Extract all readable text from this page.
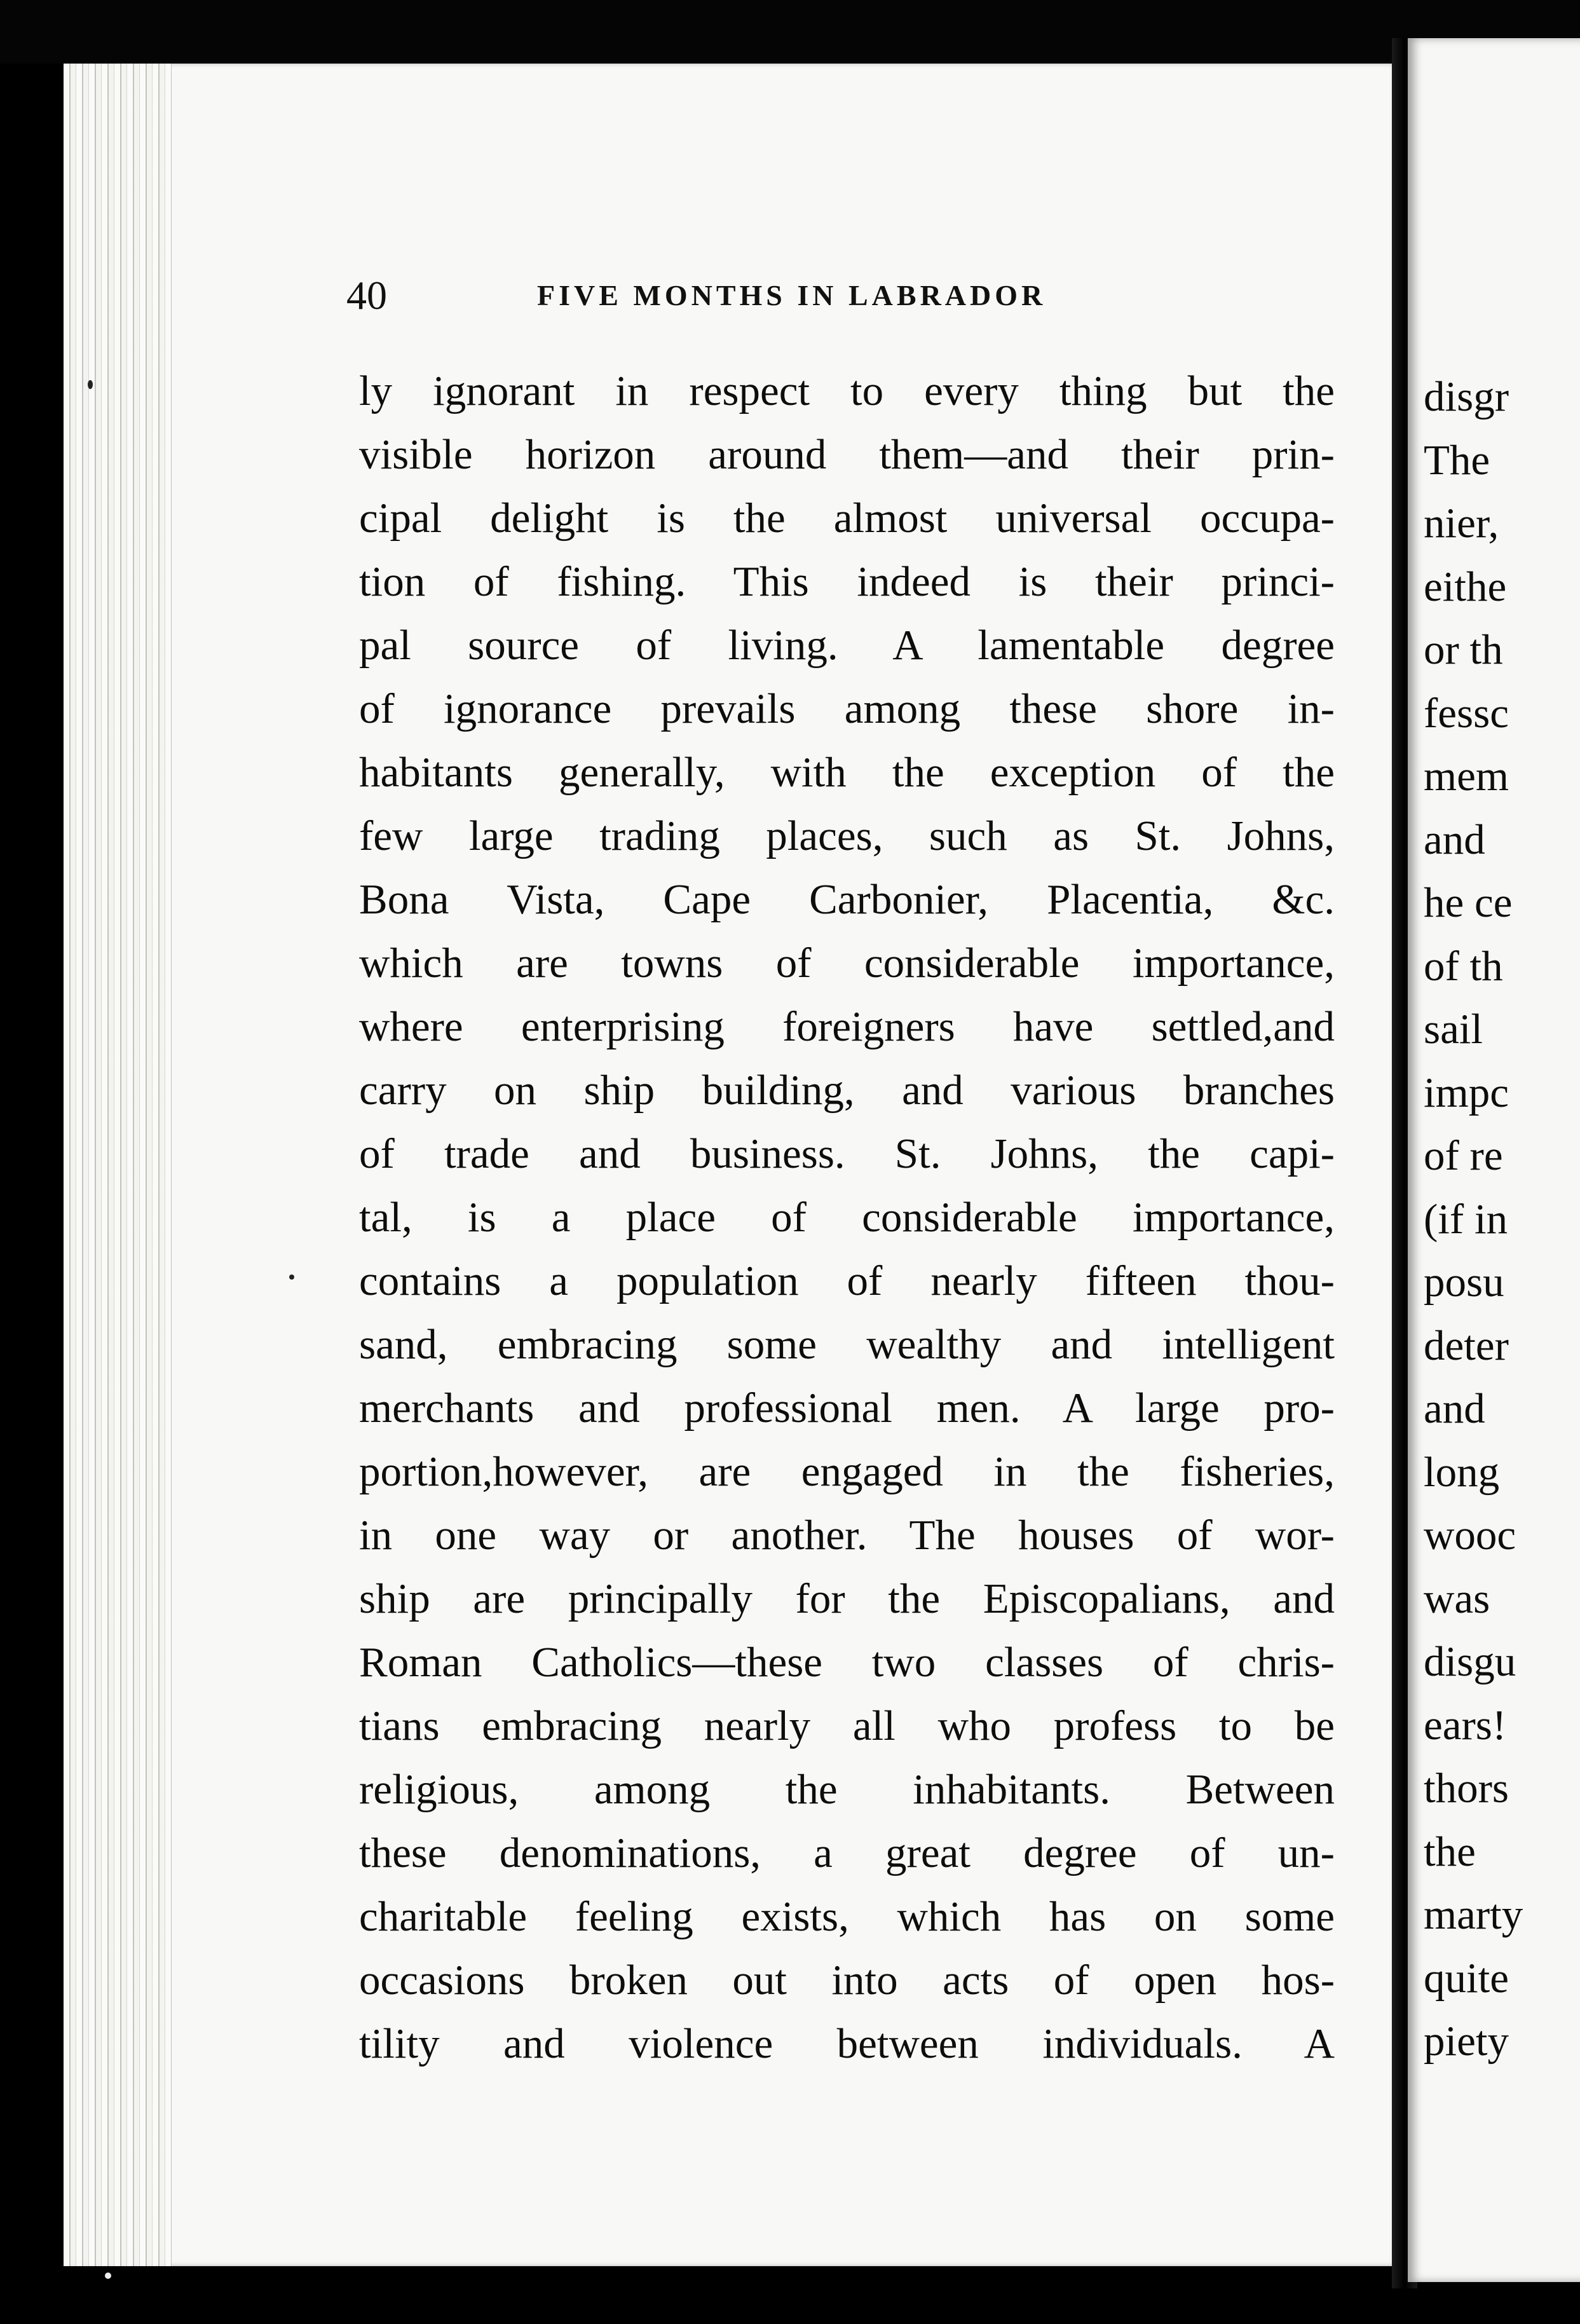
40	FIVE MONTHS IN LABRADOR
ly ignorant in respect to every thing but the
visible horizon around them—and their prin-
cipal delight is the almost universal occupa-
tion of fishing. This indeed is their princi-
pal source of living. A lamentable degree
of ignorance prevails among these shore in-
habitants generally, with the exception of the
few large trading places, such as St. Johns,
Bona Vista, Cape Carbonier, Placentia, &c.
which are towns of considerable importance,
where enterprising foreigners have settled,and
carry on ship building, and various branches
of trade and business. St. Johns, the capi-
tal, is a place of considerable importance,
contains a population of nearly fifteen thou-
sand, embracing some wealthy and intelligent
merchants and professional men. A large pro-
portion,however, are engaged in the fisheries,
in one way or another. The houses of wor-
ship are principally for the Episcopalians, and
Roman Catholics—these two classes of chris-
tians embracing nearly all who profess to be
religious, among the inhabitants. Between
these denominations, a great degree of un-
charitable feeling exists, which has on some
occasions broken out into acts of open hos-
tility and violence between individuals. A
disgr
The
nier,
eithe
or th
fessc
mem
and
he ce
of th
sail
impc
of re
(if in
posu
deter
and
long
wooc
was
disgu
ears!
thors
the
marty
quite
piety
